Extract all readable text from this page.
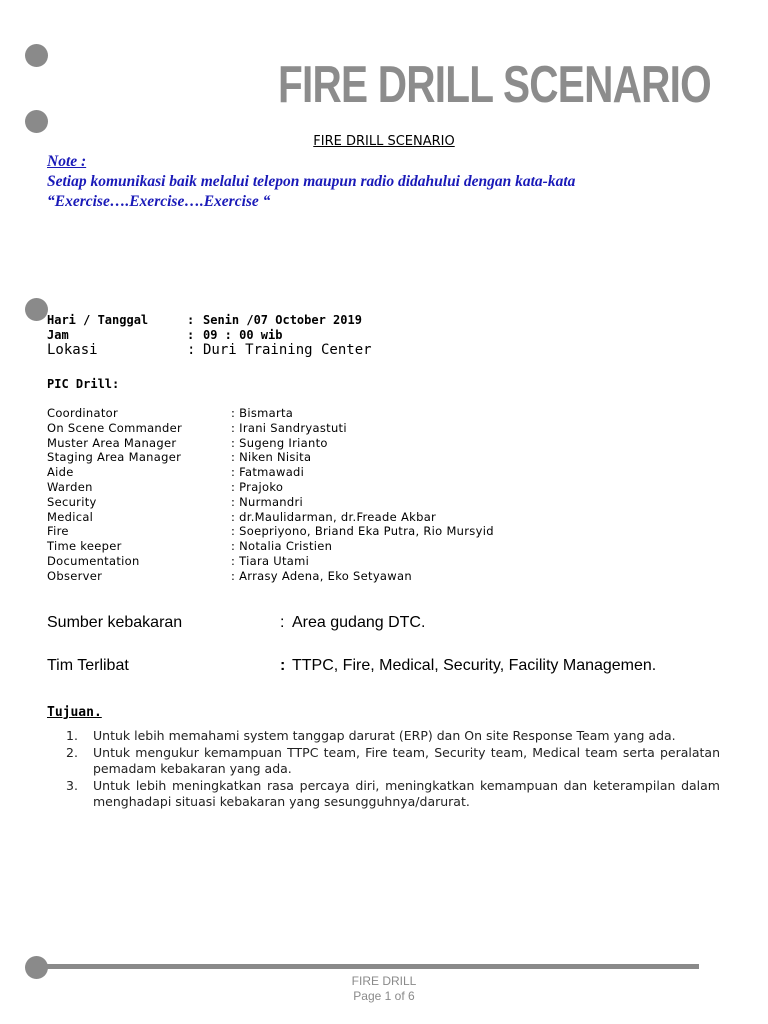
FIRE DRILL SCENARIO
FIRE DRILL SCENARIO
Note :
Setiap komunikasi baik melalui telepon maupun radio didahului dengan kata-kata
“Exercise….Exercise….Exercise “
Hari / Tanggal	: Senin /07 October 2019
Jam	: 09 : 00 wib
Lokasi	: Duri Training Center
PIC Drill:
Coordinator	: Bismarta
On Scene Commander	: Irani Sandryastuti
Muster Area Manager	: Sugeng Irianto
Staging Area Manager	: Niken Nisita
Aide	: Fatmawadi
Warden	: Prajoko
Security	: Nurmandri
Medical	: dr.Maulidarman, dr.Freade Akbar
Fire	: Soepriyono, Briand Eka Putra, Rio Mursyid
Time keeper	: Notalia Cristien
Documentation	: Tiara Utami
Observer	: Arrasy Adena, Eko Setyawan
Sumber kebakaran	: Area gudang DTC.
Tim Terlibat	: TTPC, Fire, Medical, Security, Facility Managemen.
Tujuan.
1.	Untuk lebih memahami system tanggap darurat (ERP) dan On site Response Team yang ada.
2.	Untuk mengukur kemampuan TTPC team, Fire team, Security team, Medical team serta peralatan pemadam kebakaran yang ada.
3.	Untuk lebih meningkatkan rasa percaya diri, meningkatkan kemampuan dan keterampilan dalam menghadapi situasi kebakaran yang sesungguhnya/darurat.
FIRE DRILL
Page 1 of 6
